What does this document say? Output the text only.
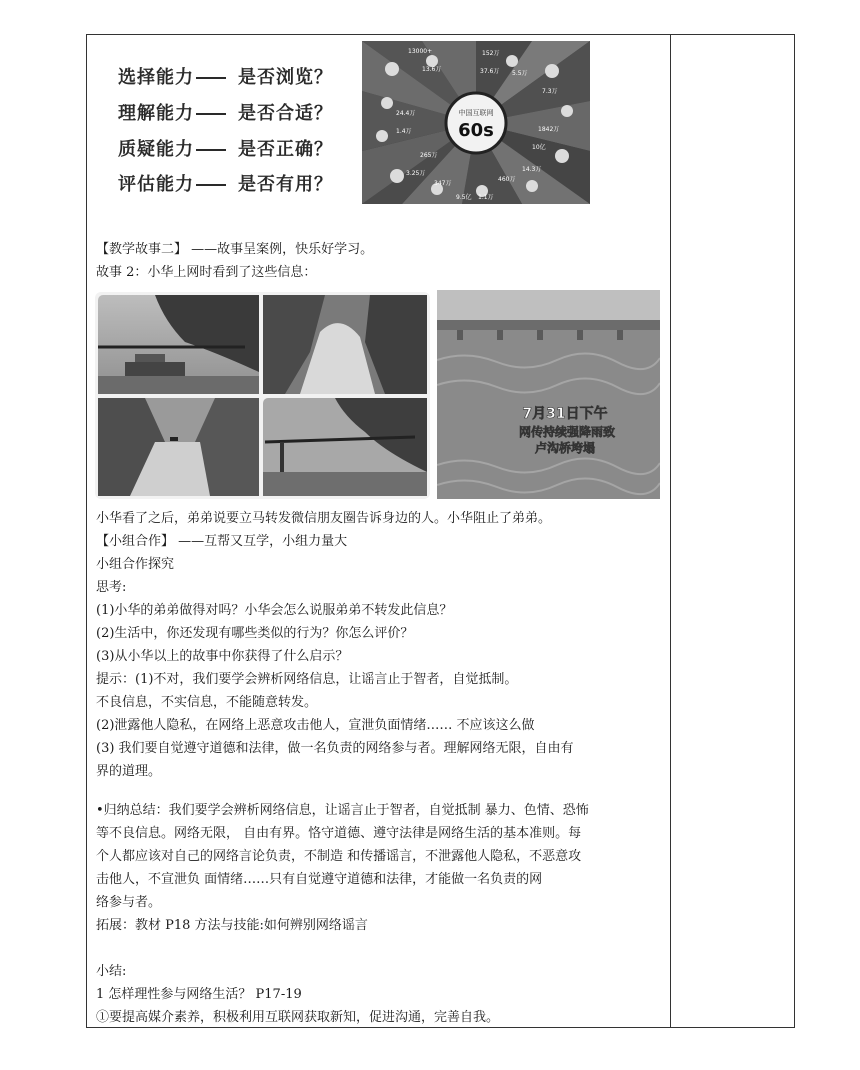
选择能力 是否浏览？
理解能力 是否合适？
质疑能力 是否正确？
评估能力 是否有用？
中国互联网
60s
13000+
13.6万
24.4万
1.4万
265万
3.25万
347万
9.5亿 1.1万
460万
14.3万
10亿
1842万
7.3万
152万
5.5万
37.6万
【教学故事二】 ——故事呈案例，快乐好学习。
故事 2：小华上网时看到了这些信息：
7月31日下午
网传持续强降雨致
卢沟桥垮塌
小华看了之后，弟弟说要立马转发微信朋友圈告诉身边的人。小华阻止了弟弟。
【小组合作】 ——互帮又互学，小组力量大
小组合作探究
思考:
(1)小华的弟弟做得对吗？小华会怎么说服弟弟不转发此信息？
(2)生活中，你还发现有哪些类似的行为？你怎么评价？
(3)从小华以上的故事中你获得了什么启示？
提示：(1)不对，我们要学会辨析网络信息，让谣言止于智者，自觉抵制。
不良信息，不实信息，不能随意转发。
(2)泄露他人隐私，在网络上恶意攻击他人，宣泄负面情绪…… 不应该这么做
(3) 我们要自觉遵守道德和法律，做一名负责的网络参与者。理解网络无限，自由有
界的道理。
•归纳总结：我们要学会辨析网络信息，让谣言止于智者，自觉抵制 暴力、色情、恐怖
等不良信息。网络无限， 自由有界。恪守道德、遵守法律是网络生活的基本准则。每
个人都应该对自己的网络言论负责，不制造 和传播谣言，不泄露他人隐私，不恶意攻
击他人，不宣泄负 面情绪……只有自觉遵守道德和法律，才能做一名负责的网
络参与者。
拓展：教材 P18 方法与技能:如何辨别网络谣言
小结:
1 怎样理性参与网络生活？ P17-19
①要提高媒介素养，积极利用互联网获取新知，促进沟通，完善自我。
